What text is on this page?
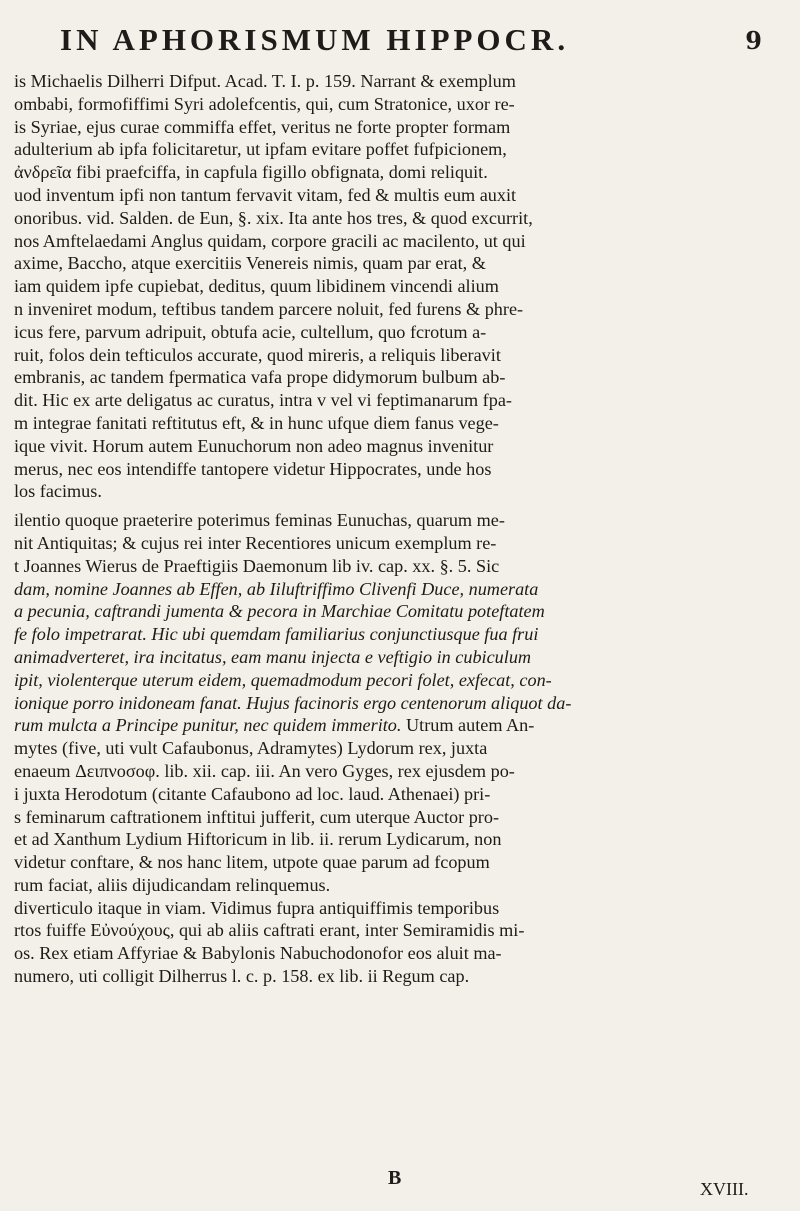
IN APHORISMUM HIPPOCR.	9
is Michaelis Dilherri Difput. Acad. T. I. p. 159. Narrant & exemplum
ombabi, formofiffimi Syri adolefcentis, qui, cum Stratonice, uxor re-
is Syriae, ejus curae commiffa effet, veritus ne forte propter formam
adulterium ab ipfa folicitaretur, ut ipfam evitare poffet fufpicionem,
ἀνδρεῖα fibi praefciffa, in capfula figillo obfignata, domi reliquit.
uod inventum ipfi non tantum fervavit vitam, fed & multis eum auxit
onoribus. vid. Salden. de Eun, §. xix. Ita ante hos tres, & quod excurrit,
nos Amftelaedami Anglus quidam, corpore gracili ac macilento, ut qui
axime, Baccho, atque exercitiis Venereis nimis, quam par erat, &
iam quidem ipfe cupiebat, deditus, quum libidinem vincendi alium
n inveniret modum, teftibus tandem parcere noluit, fed furens & phre-
icus fere, parvum adripuit, obtufa acie, cultellum, quo fcrotum a-
ruit, folos dein tefticulos accurate, quod mireris, a reliquis liberavit
embranis, ac tandem fpermatica vafa prope didymorum bulbum ab-
dit. Hic ex arte deligatus ac curatus, intra v vel vi feptimanarum fpa-
m integrae fanitati reftitutus eft, & in hunc ufque diem fanus vege-
ique vivit. Horum autem Eunuchorum non adeo magnus invenitur
merus, nec eos intendiffe tantopere videtur Hippocrates, unde hos
los facimus.
ilentio quoque praeterire poterimus feminas Eunuchas, quarum me-
nit Antiquitas; & cujus rei inter Recentiores unicum exemplum re-
t Joannes Wierus de Praeftigiis Daemonum lib iv. cap. xx. §. 5. Sic
dam, nomine Joannes ab Effen, ab Iiluftriffimo Clivenfi Duce, numerata
a pecunia, caftrandi jumenta & pecora in Marchiae Comitatu poteftatem
fe folo impetrarat. Hic ubi quemdam familiarius conjunctiusque fua frui
animadverteret, ira incitatus, eam manu injecta e veftigio in cubiculum
ipit, violenterque uterum eidem, quemadmodum pecori folet, exfecat, con-
ionique porro inidoneam fanat. Hujus facinoris ergo centenorum aliquot da-
rum mulcta a Principe punitur, nec quidem immerito. Utrum autem An-
mytes (five, uti vult Cafaubonus, Adramytes) Lydorum rex, juxta
enaeum Δειπνοσοφ. lib. xii. cap. iii. An vero Gyges, rex ejusdem po-
i juxta Herodotum (citante Cafaubono ad loc. laud. Athenaei) pri-
s feminarum caftrationem inftitui jufferit, cum uterque Auctor pro-
et ad Xanthum Lydium Hiftoricum in lib. ii. rerum Lydicarum, non
videtur conftare, & nos hanc litem, utpote quae parum ad fcopum
rum faciat, aliis dijudicandam relinquemus.
diverticulo itaque in viam. Vidimus fupra antiquiffimis temporibus
rtos fuiffe Εὐνούχους, qui ab aliis caftrati erant, inter Semiramidis mi-
os. Rex etiam Affyriae & Babylonis Nabuchodonofor eos aluit ma-
numero, uti colligit Dilherrus l. c. p. 158. ex lib. ii Regum cap.
B	XVIII.
